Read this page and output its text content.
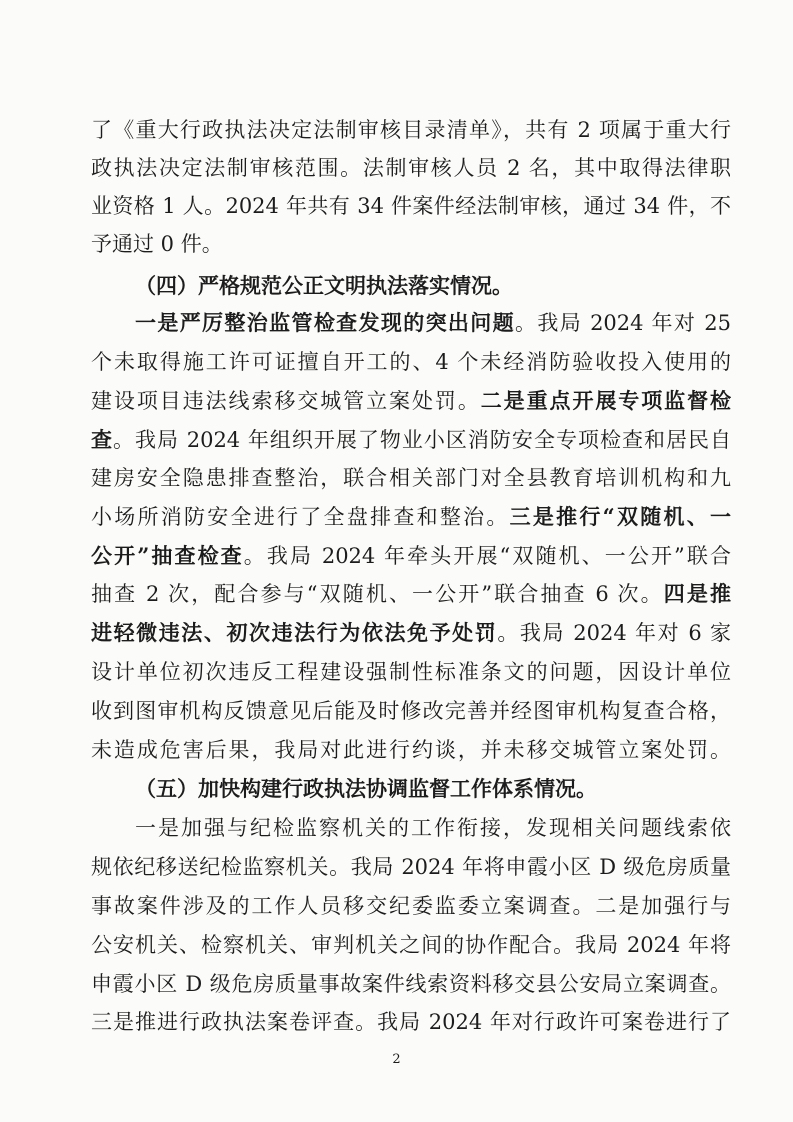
了《重大行政执法决定法制审核目录清单》，共有 2 项属于重大行
政执法决定法制审核范围。法制审核人员 2 名，其中取得法律职
业资格 1 人。2024 年共有 34 件案件经法制审核，通过 34 件，不
予通过 0 件。
（四）严格规范公正文明执法落实情况。
一是严厉整治监管检查发现的突出问题。我局 2024 年对 25
个未取得施工许可证擅自开工的、4 个未经消防验收投入使用的
建设项目违法线索移交城管立案处罚。二是重点开展专项监督检
查。我局 2024 年组织开展了物业小区消防安全专项检查和居民自
建房安全隐患排查整治，联合相关部门对全县教育培训机构和九
小场所消防安全进行了全盘排查和整治。三是推行“双随机、一
公开”抽查检查。我局 2024 年牵头开展“双随机、一公开”联合
抽查 2 次，配合参与“双随机、一公开”联合抽查 6 次。四是推
进轻微违法、初次违法行为依法免予处罚。我局 2024 年对 6 家
设计单位初次违反工程建设强制性标准条文的问题，因设计单位
收到图审机构反馈意见后能及时修改完善并经图审机构复查合格，
未造成危害后果，我局对此进行约谈，并未移交城管立案处罚。
（五）加快构建行政执法协调监督工作体系情况。
一是加强与纪检监察机关的工作衔接，发现相关问题线索依
规依纪移送纪检监察机关。我局 2024 年将申霞小区 D 级危房质量
事故案件涉及的工作人员移交纪委监委立案调查。二是加强行与
公安机关、检察机关、审判机关之间的协作配合。我局 2024 年将
申霞小区 D 级危房质量事故案件线索资料移交县公安局立案调查。
三是推进行政执法案卷评查。我局 2024 年对行政许可案卷进行了
2
